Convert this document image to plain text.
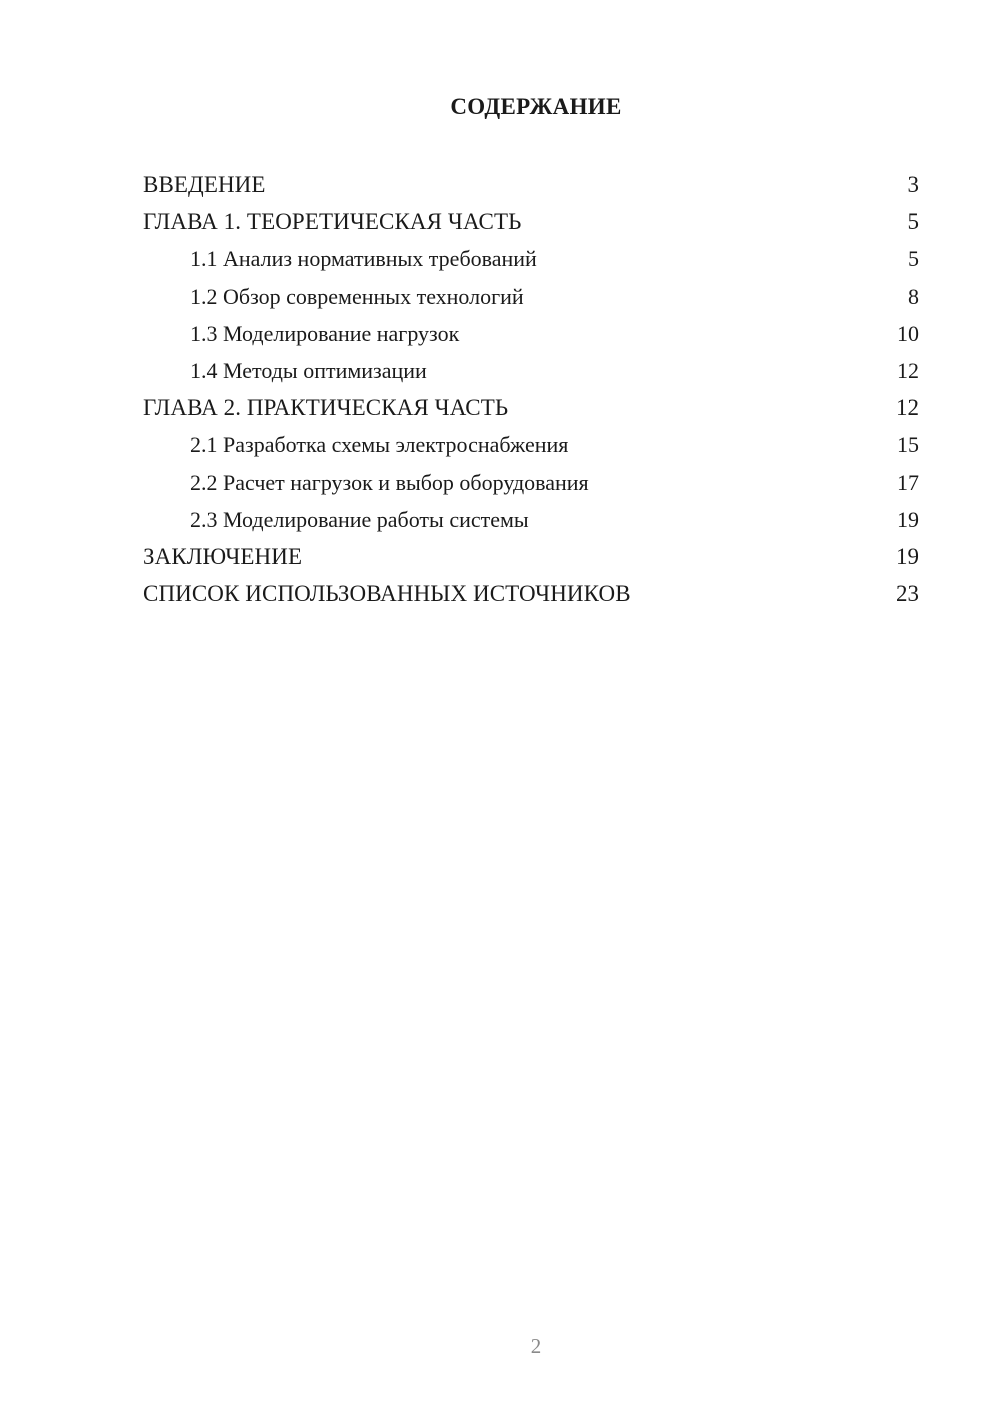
СОДЕРЖАНИЕ
ВВЕДЕНИЕ	3
ГЛАВА 1. ТЕОРЕТИЧЕСКАЯ ЧАСТЬ	5
1.1 Анализ нормативных требований	5
1.2 Обзор современных технологий	8
1.3 Моделирование нагрузок	10
1.4 Методы оптимизации	12
ГЛАВА 2. ПРАКТИЧЕСКАЯ ЧАСТЬ	12
2.1 Разработка схемы электроснабжения	15
2.2 Расчет нагрузок и выбор оборудования	17
2.3 Моделирование работы системы	19
ЗАКЛЮЧЕНИЕ	19
СПИСОК ИСПОЛЬЗОВАННЫХ ИСТОЧНИКОВ	23
2
